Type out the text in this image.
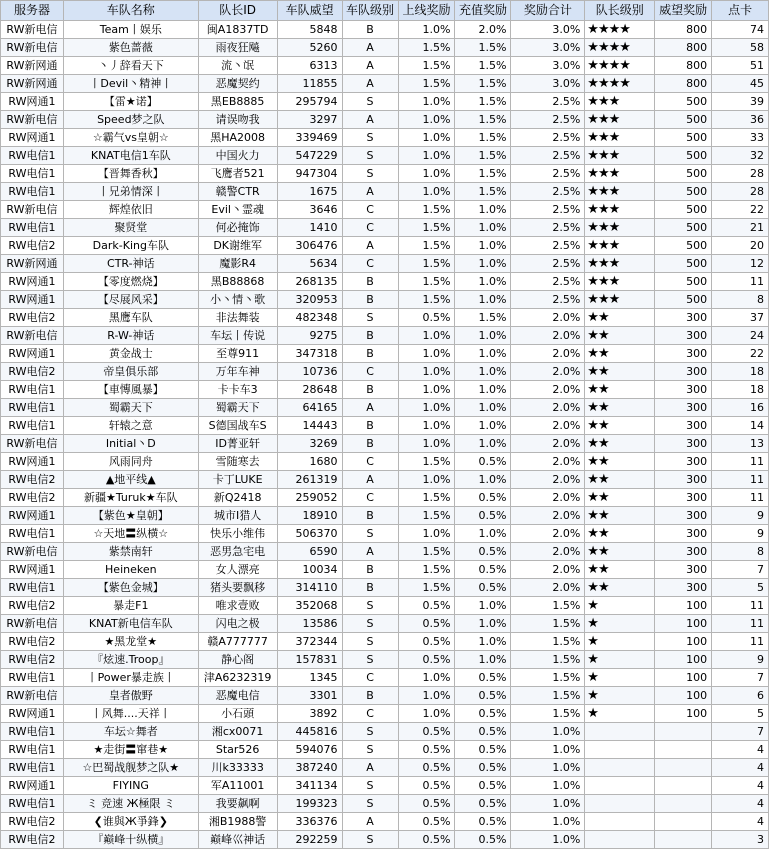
服务器	车队名称	队长ID	车队威望	车队级别	上线奖励	充值奖励	奖励合计	队长级别	威望奖励	点卡
RW新电信	Team丨娱乐	闽A1837TD	5848	B	1.0%	2.0%	3.0%	★★★★	800	74
RW新电信	紫色蔷薇	雨夜狂飚	5260	A	1.5%	1.5%	3.0%	★★★★	800	58
RW新网通	丶丿辞看天下	流丶氓	6313	A	1.5%	1.5%	3.0%	★★★★	800	51
RW新网通	丨Devil丶精神丨	恶魔契约	11855	A	1.5%	1.5%	3.0%	★★★★	800	45
RW网通1	【雷★诺】	黑EB8885	295794	S	1.0%	1.5%	2.5%	★★★	500	39
RW新电信	Speed梦之队	请误吻我	3297	A	1.0%	1.5%	2.5%	★★★	500	36
RW网通1	☆霸气vs皇朝☆	黑HA2008	339469	S	1.0%	1.5%	2.5%	★★★	500	33
RW电信1	KNAT电信1车队	中国火力	547229	S	1.0%	1.5%	2.5%	★★★	500	32
RW电信1	【晋舞香秋】	飞鹰者521	947304	S	1.0%	1.5%	2.5%	★★★	500	28
RW电信1	丨兄弟情深丨	赣警CTR	1675	A	1.0%	1.5%	2.5%	★★★	500	28
RW新电信	辉煌依旧	Evil丶霊魂	3646	C	1.5%	1.0%	2.5%	★★★	500	22
RW电信1	聚贤堂	何必掩饰	1410	C	1.5%	1.0%	2.5%	★★★	500	21
RW电信2	Dark-King车队	DK谢维军	306476	A	1.5%	1.0%	2.5%	★★★	500	20
RW新网通	CTR-神话	魔影R4	5634	C	1.5%	1.0%	2.5%	★★★	500	12
RW网通1	【零度燃烧】	黑B88868	268135	B	1.5%	1.0%	2.5%	★★★	500	11
RW网通1	【尽展风采】	小丶情丶歌	320953	B	1.5%	1.0%	2.5%	★★★	500	8
RW电信2	黑鹰车队	非法舞装	482348	S	0.5%	1.5%	2.0%	★★	300	37
RW新电信	R-W-神话	车坛丨传说	9275	B	1.0%	1.0%	2.0%	★★	300	24
RW网通1	黄金战士	至尊911	347318	B	1.0%	1.0%	2.0%	★★	300	22
RW电信2	帝皇俱乐部	万年车神	10736	C	1.0%	1.0%	2.0%	★★	300	18
RW电信1	【車慱風暴】	卡卡车3	28648	B	1.0%	1.0%	2.0%	★★	300	18
RW电信1	蜀霸天下	蜀霸天下	64165	A	1.0%	1.0%	2.0%	★★	300	16
RW电信1	轩辕之意	S德国战车S	14443	B	1.0%	1.0%	2.0%	★★	300	14
RW新电信	Initial丶D	ID菁亚轩	3269	B	1.0%	1.0%	2.0%	★★	300	13
RW网通1	风雨同舟	雪随寒去	1680	C	1.5%	0.5%	2.0%	★★	300	11
RW电信2	▲地平线▲	卡丁LUKE	261319	A	1.0%	1.0%	2.0%	★★	300	11
RW电信2	新疆★Turuk★车队	新Q2418	259052	C	1.5%	0.5%	2.0%	★★	300	11
RW网通1	【紫色★皇朝】	城市I猎人	18910	B	1.5%	0.5%	2.0%	★★	300	9
RW电信1	☆天地〓纵横☆	快乐小维伟	506370	S	1.0%	1.0%	2.0%	★★	300	9
RW新电信	紫禁南轩	恶男急宅电	6590	A	1.5%	0.5%	2.0%	★★	300	8
RW网通1	Heineken	女人漂亮	10034	B	1.5%	0.5%	2.0%	★★	300	7
RW电信1	【紫色金城】	猪头要飘移	314110	B	1.5%	0.5%	2.0%	★★	300	5
RW电信2	暴走F1	唯求壹败	352068	S	0.5%	1.0%	1.5%	★	100	11
RW新电信	KNAT新电信车队	闪电之极	13586	S	0.5%	1.0%	1.5%	★	100	11
RW电信2	★黑龙堂★	赣A777777	372344	S	0.5%	1.0%	1.5%	★	100	11
RW电信2	『炫速.Troop』	静心阁	157831	S	0.5%	1.0%	1.5%	★	100	9
RW电信1	丨Power暴走族丨	津A6232319	1345	C	1.0%	0.5%	1.5%	★	100	7
RW新电信	皇者傲野	恶魔电信	3301	B	1.0%	0.5%	1.5%	★	100	6
RW网通1	丨风舞....天祥丨	小石頭	3892	C	1.0%	0.5%	1.5%	★	100	5
RW电信1	车坛☆舞者	湘cx0071	445816	S	0.5%	0.5%	1.0%			7
RW电信1	★走街〓窜巷★	Star526	594076	S	0.5%	0.5%	1.0%			4
RW电信1	☆巴蜀战舰梦之队★	川k33333	387240	A	0.5%	0.5%	1.0%			4
RW网通1	FIYING	军A11001	341134	S	0.5%	0.5%	1.0%			4
RW电信1	ミ 竞速 Ж極限 ミ	我要飙啊	199323	S	0.5%	0.5%	1.0%			4
RW电信2	❮谁與Ж爭鋒❯	湘B1988警	336376	A	0.5%	0.5%	1.0%			4
RW电信2	『巅峰十纵横』	巅峰巛神话	292259	S	0.5%	0.5%	1.0%			3
